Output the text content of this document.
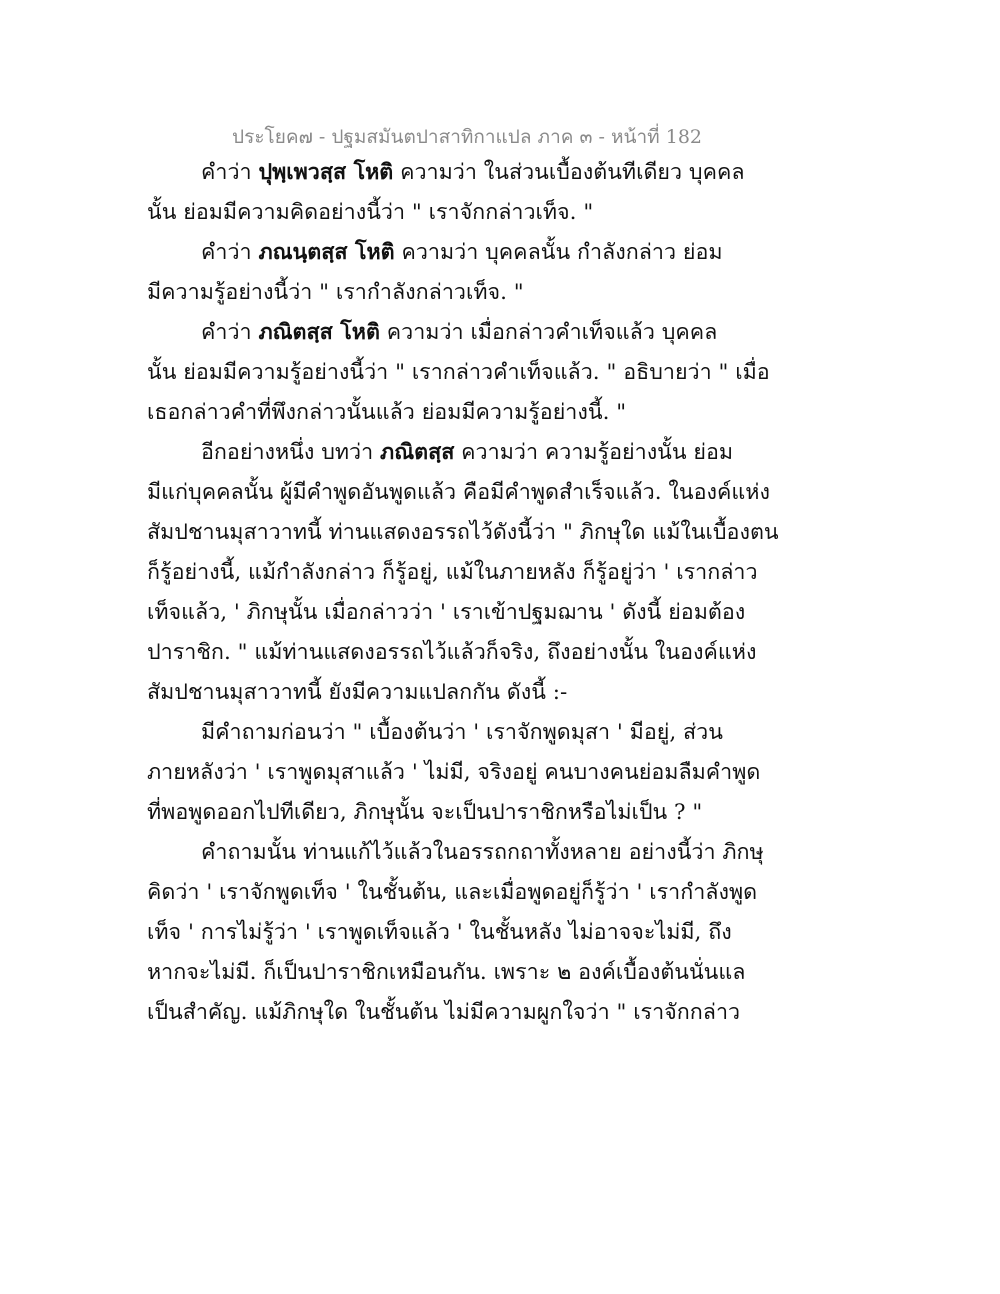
ประโยค๗ - ปฐมสมันตปาสาทิกาแปล ภาค ๓ - หน้าที่ 182
คำว่า ปุพฺเพวสฺส โหติ ความว่า ในส่วนเบื้องต้นทีเดียว บุคคล
นั้น ย่อมมีความคิดอย่างนี้ว่า " เราจักกล่าวเท็จ. "
คำว่า ภณนฺตสฺส โหติ ความว่า บุคคลนั้น กำลังกล่าว ย่อม
มีความรู้อย่างนี้ว่า " เรากำลังกล่าวเท็จ. "
คำว่า ภณิตสฺส โหติ ความว่า เมื่อกล่าวคำเท็จแล้ว บุคคล
นั้น ย่อมมีความรู้อย่างนี้ว่า " เรากล่าวคำเท็จแล้ว. " อธิบายว่า " เมื่อ
เธอกล่าวคำที่พึงกล่าวนั้นแล้ว ย่อมมีความรู้อย่างนี้. "
อีกอย่างหนึ่ง บทว่า ภณิตสฺส ความว่า ความรู้อย่างนั้น ย่อม
มีแก่บุคคลนั้น ผู้มีคำพูดอันพูดแล้ว คือมีคำพูดสำเร็จแล้ว. ในองค์แห่ง
สัมปชานมุสาวาทนี้ ท่านแสดงอรรถไว้ดังนี้ว่า " ภิกษุใด แม้ในเบื้องตน
ก็รู้อย่างนี้, แม้กำลังกล่าว ก็รู้อยู่, แม้ในภายหลัง ก็รู้อยู่ว่า ' เรากล่าว
เท็จแล้ว, ' ภิกษุนั้น เมื่อกล่าวว่า ' เราเข้าปฐมฌาน ' ดังนี้ ย่อมต้อง
ปาราชิก. " แม้ท่านแสดงอรรถไว้แล้วก็จริง, ถึงอย่างนั้น ในองค์แห่ง
สัมปชานมุสาวาทนี้ ยังมีความแปลกกัน ดังนี้ :-
มีคำถามก่อนว่า " เบื้องต้นว่า ' เราจักพูดมุสา ' มีอยู่, ส่วน
ภายหลังว่า ' เราพูดมุสาแล้ว ' ไม่มี, จริงอยู่ คนบางคนย่อมลืมคำพูด
ที่พอพูดออกไปทีเดียว, ภิกษุนั้น จะเป็นปาราชิกหรือไม่เป็น ? "
คำถามนั้น ท่านแก้ไว้แล้วในอรรถกถาทั้งหลาย อย่างนี้ว่า ภิกษุ
คิดว่า ' เราจักพูดเท็จ ' ในชั้นต้น, และเมื่อพูดอยู่ก็รู้ว่า ' เรากำลังพูด
เท็จ ' การไม่รู้ว่า ' เราพูดเท็จแล้ว ' ในชั้นหลัง ไม่อาจจะไม่มี, ถึง
หากจะไม่มี. ก็เป็นปาราชิกเหมือนกัน. เพราะ ๒ องค์เบื้องต้นนั่นแล
เป็นสำคัญ. แม้ภิกษุใด ในชั้นต้น ไม่มีความผูกใจว่า " เราจักกล่าว
